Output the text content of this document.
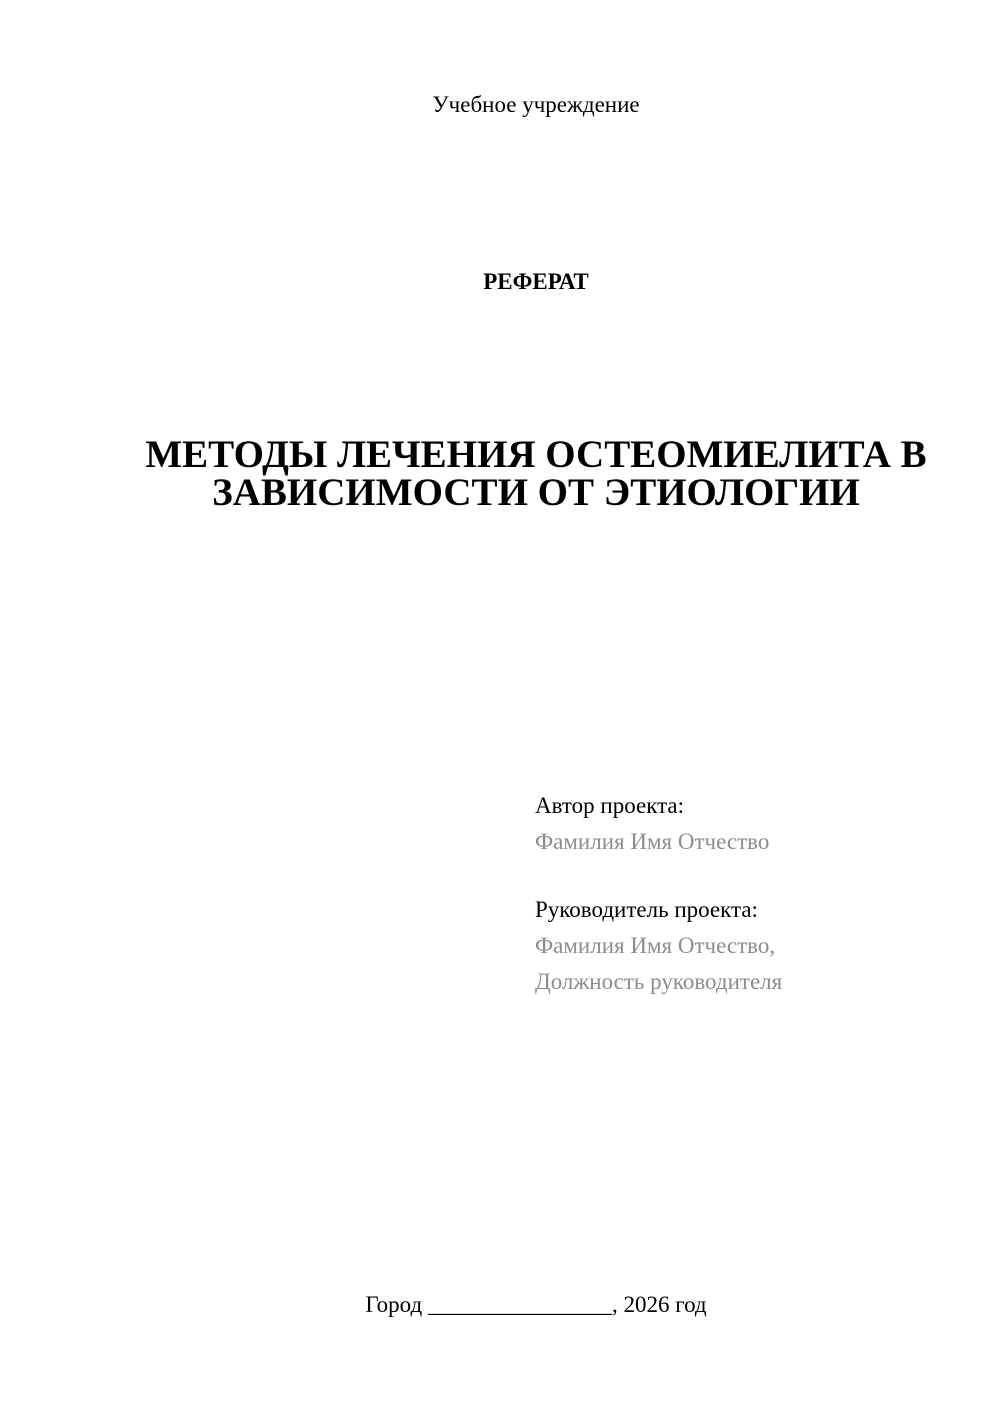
Учебное учреждение
РЕФЕРАТ
МЕТОДЫ ЛЕЧЕНИЯ ОСТЕОМИЕЛИТА В
ЗАВИСИМОСТИ ОТ ЭТИОЛОГИИ
Автор проекта:
Фамилия Имя Отчество
Руководитель проекта:
Фамилия Имя Отчество,
Должность руководителя
Город ________________, 2026 год
